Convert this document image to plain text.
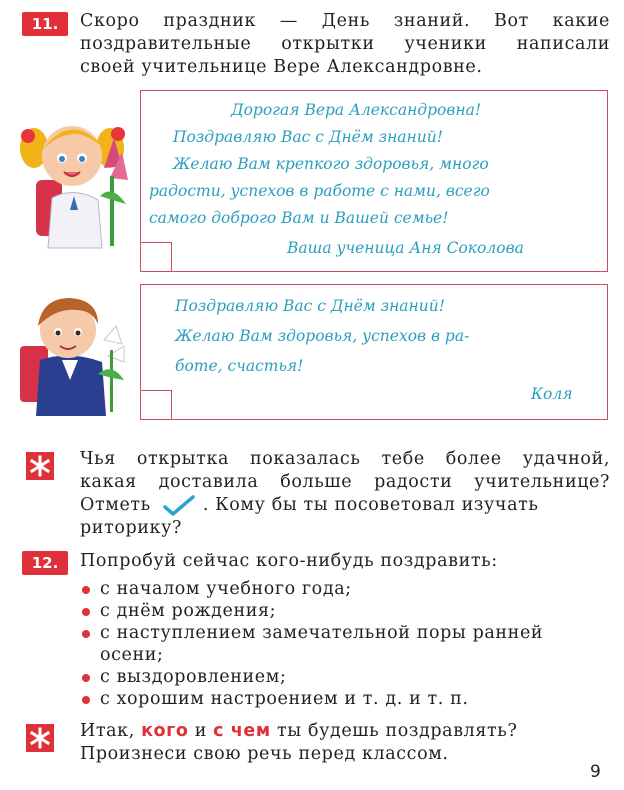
11.	Скоро праздник — День знаний. Вот какие
поздравительные открытки ученики написали
своей учительнице Вере Александровне.
Дорогая Вера Александровна!
Поздравляю Вас с Днём знаний!
Желаю Вам крепкого здоровья, много
радости, успехов в работе с нами, всего
самого доброго Вам и Вашей семье!
Ваша ученица Аня Соколова
Поздравляю Вас с Днём знаний!
Желаю Вам здоровья, успехов в ра-
боте, счастья!
Коля
Чья открытка показалась тебе более удачной,
какая доставила больше радости учительнице?
Отметь	. Кому бы ты посоветовал изучать
риторику?
12.	Попробуй сейчас кого-нибудь поздравить:
с началом учебного года;
с днём рождения;
с наступлением замечательной поры ранней осени;
с выздоровлением;
с хорошим настроением и т. д. и т. п.
Итак, кого и с чем ты будешь поздравлять?
Произнеси свою речь перед классом.
9
